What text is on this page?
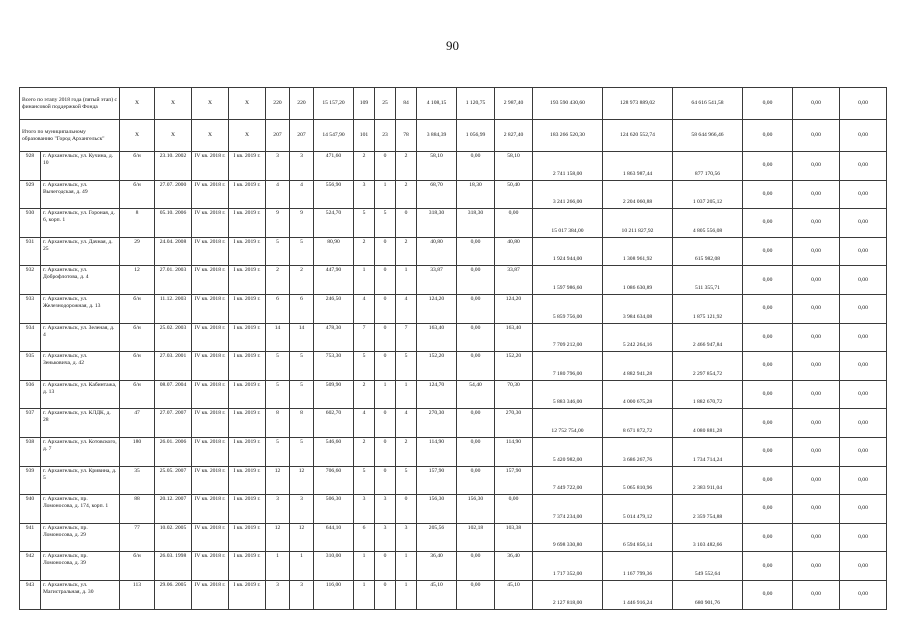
90
Всего по этапу 2018 года (пятый этап) с финансовой поддержкой Фонда		X	X	X	X	220	220	15 157,20	109	25	84	4 108,15	1 120,75	2 987,40	193 590 430,60	128 973 889,02	64 616 541,58	0,00	0,00	0,00
Итого по муниципальному образованию "Город Архангельск"		X	X	X	X	207	207	14 547,90	101	23	78	3 884,39	1 056,99	2 827,40	183 266 520,30	124 620 552,74	58 644 966,46	0,00	0,00	0,00
928	г. Архангельск, ул. Кучина, д. 10	б/н	23.10. 2002	IV кв. 2018 г.	I кв. 2019 г.	3	3	471,60	2	0	2	58,10	0,00	58,10	2 741 158,00	1 863 987,44	877 170,56	0,00	0,00	0,00
929	г. Архангельск, ул. Вычегодская, д. 49	б/н	27.07. 2000	IV кв. 2018 г.	I кв. 2019 г.	4	4	556,90	3	1	2	68,70	18,30	50,40	3 241 266,00	2 204 060,88	1 037 205,12	0,00	0,00	0,00
930	г. Архангельск, ул. Гороная, д. 6, корп. 1	8	05.10. 2006	IV кв. 2018 г.	I кв. 2019 г.	9	9	524,70	5	5	0	318,30	318,30	0,00	15 017 384,00	10 211 827,92	4 805 556,08	0,00	0,00	0,00
931	г. Архангельск, ул. Дачная, д. 25	29	24.04. 2008	IV кв. 2018 г.	I кв. 2019 г.	5	5	80,90	2	0	2	40,80	0,00	40,80	1 924 944,00	1 308 961,92	615 982,08	0,00	0,00	0,00
932	г. Архангельск, ул. Доброфлотова, д. 4	12	27.01. 2003	IV кв. 2018 г.	I кв. 2019 г.	2	2	447,90	1	0	1	33,87	0,00	33,87	1 597 986,60	1 086 630,89	511 355,71	0,00	0,00	0,00
933	г. Архангельск, ул. Железнодорожная, д. 13	б/н	11.12. 2003	IV кв. 2018 г.	I кв. 2019 г.	6	6	246,50	4	0	4	124,20	0,00	124,20	5 859 756,00	3 984 634,08	1 875 121,92	0,00	0,00	0,00
934	г. Архангельск, ул. Зеленая, д. 4	б/н	25.02. 2003	IV кв. 2018 г.	I кв. 2019 г.	14	14	478,30	7	0	7	163,40	0,00	163,40	7 709 212,00	5 242 264,16	2 466 947,84	0,00	0,00	0,00
935	г. Архангельск, ул. Зеньковича, д. 42	б/н	27.03. 2001	IV кв. 2018 г.	I кв. 2019 г.	5	5	753,30	5	0	5	152,20	0,00	152,20	7 180 796,00	4 882 941,28	2 297 854,72	0,00	0,00	0,00
936	г. Архангельск, ул. Кабинтажа, д. 13	б/н	08.07. 2004	IV кв. 2018 г.	I кв. 2019 г.	5	5	509,90	2	1	1	124,70	54,40	70,30	5 883 346,00	4 000 675,28	1 882 670,72	0,00	0,00	0,00
937	г. Архангельск, ул. КЛДК, д. 28	47	27.07. 2007	IV кв. 2018 г.	I кв. 2019 г.	8	8	602,70	4	0	4	270,30	0,00	270,30	12 752 754,00	8 671 872,72	4 080 881,28	0,00	0,00	0,00
938	г. Архангельск, ул. Котовского, д. 7	180	26.01. 2006	IV кв. 2018 г.	I кв. 2019 г.	5	5	546,60	2	0	2	114,90	0,00	114,90	5 420 982,00	3 686 267,76	1 734 714,24	0,00	0,00	0,00
939	г. Архангельск, ул. Кривина, д. 5	35	25.05. 2007	IV кв. 2018 г.	I кв. 2019 г.	12	12	706,60	5	0	5	157,90	0,00	157,90	7 449 722,00	5 065 810,96	2 383 911,04	0,00	0,00	0,00
940	г. Архангельск, пр. Ломоносова, д. 174, корп. 1	88	20.12. 2007	IV кв. 2018 г.	I кв. 2019 г.	3	3	506,30	3	3	0	156,30	156,30	0,00	7 374 234,00	5 014 479,12	2 359 754,88	0,00	0,00	0,00
941	г. Архангельск, пр. Ломоносова, д. 29	77	10.02. 2005	IV кв. 2018 г.	I кв. 2019 г.	12	12	644,10	6	3	3	205,56	102,18	103,38	9 698 330,80	6 594 856,14	3 103 482,66	0,00	0,00	0,00
942	г. Архангельск, пр. Ломоносова, д. 39	б/н	26.03. 1998	IV кв. 2018 г.	I кв. 2019 г.	1	1	310,00	1	0	1	36,40	0,00	36,40	1 717 352,00	1 167 799,36	549 552,64	0,00	0,00	0,00
943	г. Архангельск, ул. Магистральная, д. 30	113	29.06. 2005	IV кв. 2018 г.	I кв. 2019 г.	3	3	116,00	1	0	1	45,10	0,00	45,10	2 127 818,00	1 446 916,24	680 901,76	0,00	0,00	0,00
